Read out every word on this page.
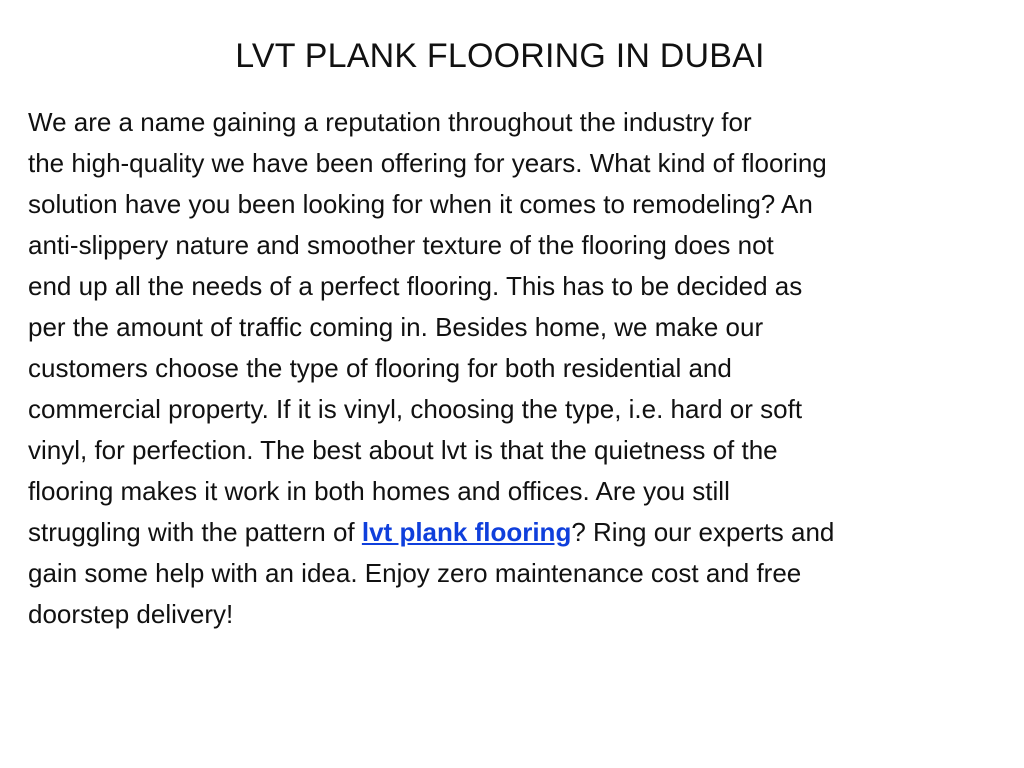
LVT PLANK FLOORING IN DUBAI
We are a name gaining a reputation throughout the industry for
the high-quality we have been offering for years. What kind of flooring
solution have you been looking for when it comes to remodeling? An
anti-slippery nature and smoother texture of the flooring does not
end up all the needs of a perfect flooring. This has to be decided as
per the amount of traffic coming in. Besides home, we make our
customers choose the type of flooring for both residential and
commercial property. If it is vinyl, choosing the type, i.e. hard or soft
vinyl, for perfection. The best about lvt is that the quietness of the
flooring makes it work in both homes and offices. Are you still
struggling with the pattern of lvt plank flooring? Ring our experts and
gain some help with an idea. Enjoy zero maintenance cost and free
doorstep delivery!
